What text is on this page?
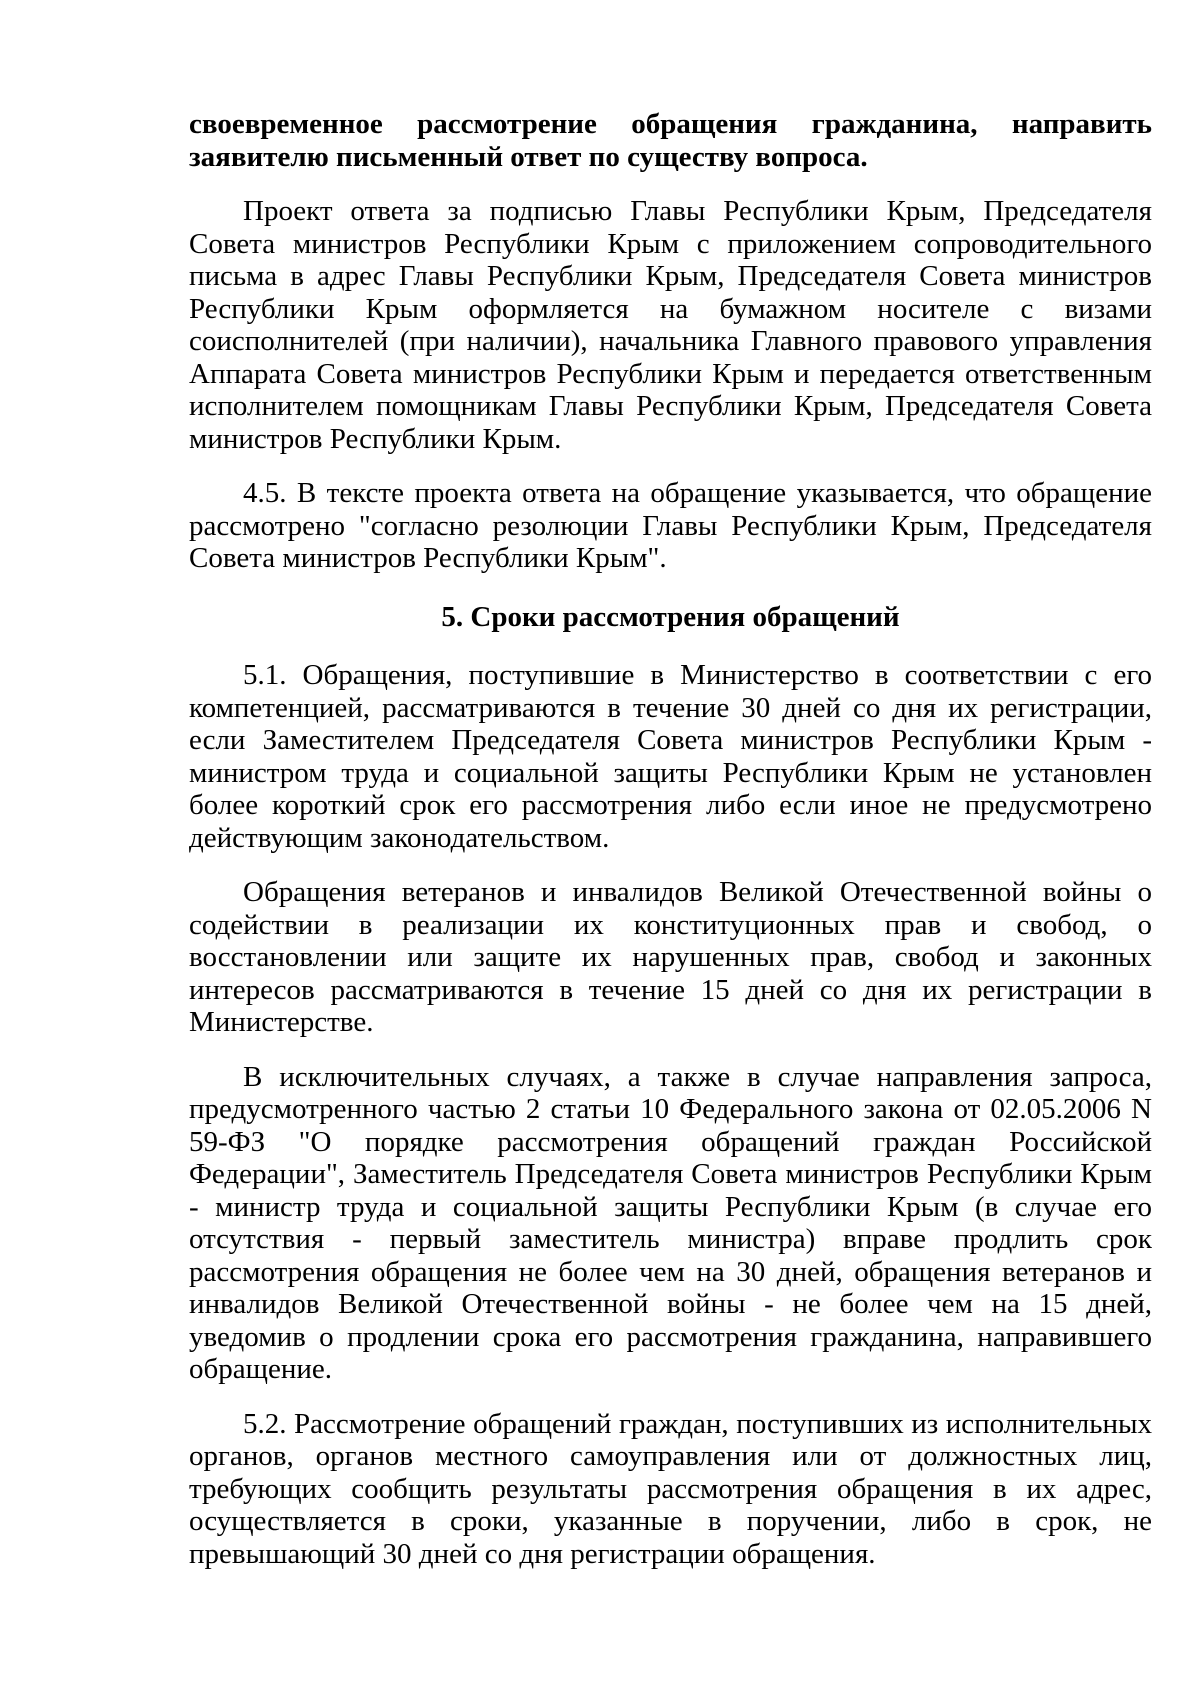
своевременное рассмотрение обращения гражданина, направить заявителю письменный ответ по существу вопроса.

Проект ответа за подписью Главы Республики Крым, Председателя Совета министров Республики Крым с приложением сопроводительного письма в адрес Главы Республики Крым, Председателя Совета министров Республики Крым оформляется на бумажном носителе с визами соисполнителей (при наличии), начальника Главного правового управления Аппарата Совета министров Республики Крым и передается ответственным исполнителем помощникам Главы Республики Крым, Председателя Совета министров Республики Крым.

4.5. В тексте проекта ответа на обращение указывается, что обращение рассмотрено "согласно резолюции Главы Республики Крым, Председателя Совета министров Республики Крым".

5. Сроки рассмотрения обращений

5.1. Обращения, поступившие в Министерство в соответствии с его компетенцией, рассматриваются в течение 30 дней со дня их регистрации, если Заместителем Председателя Совета министров Республики Крым - министром труда и социальной защиты Республики Крым не установлен более короткий срок его рассмотрения либо если иное не предусмотрено действующим законодательством.

Обращения ветеранов и инвалидов Великой Отечественной войны о содействии в реализации их конституционных прав и свобод, о восстановлении или защите их нарушенных прав, свобод и законных интересов рассматриваются в течение 15 дней со дня их регистрации в Министерстве.

В исключительных случаях, а также в случае направления запроса, предусмотренного частью 2 статьи 10 Федерального закона от 02.05.2006 N 59-ФЗ "О порядке рассмотрения обращений граждан Российской Федерации", Заместитель Председателя Совета министров Республики Крым - министр труда и социальной защиты Республики Крым (в случае его отсутствия - первый заместитель министра) вправе продлить срок рассмотрения обращения не более чем на 30 дней, обращения ветеранов и инвалидов Великой Отечественной войны - не более чем на 15 дней, уведомив о продлении срока его рассмотрения гражданина, направившего обращение.

5.2. Рассмотрение обращений граждан, поступивших из исполнительных органов, органов местного самоуправления или от должностных лиц, требующих сообщить результаты рассмотрения обращения в их адрес, осуществляется в сроки, указанные в поручении, либо в срок, не превышающий 30 дней со дня регистрации обращения.
